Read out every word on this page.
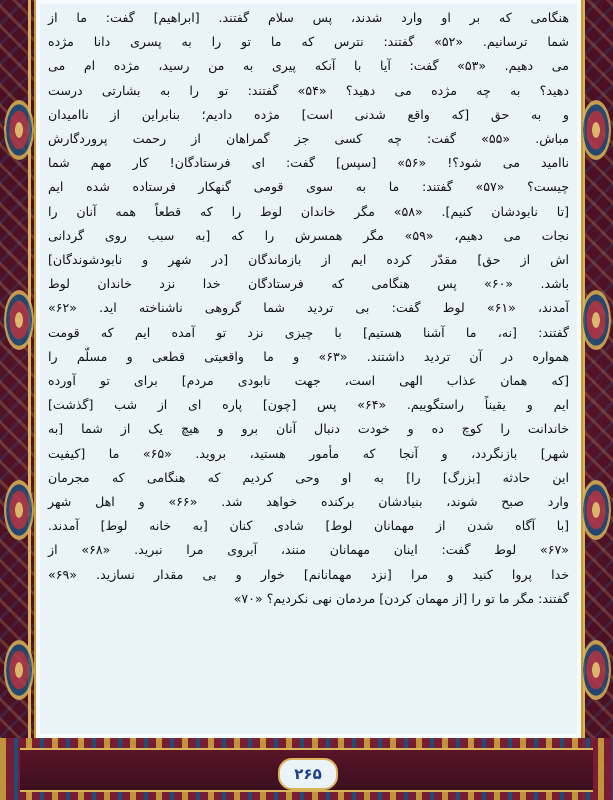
هنگامی که بر او وارد شدند، پس سلام گفتند. [ابراهیم] گفت: ما از

شما ترسانیم. «۵۲» گفتند: نترس که ما تو را به پسری دانا مژده

می دهیم. «۵۳» گفت: آیا با آنکه پیری به من رسید، مژده ام می

دهید؟ به چه مژده می دهید؟ «۵۴» گفتند: تو را به بشارتی درست

و به حق [که واقع شدنی است] مژده دادیم؛ بنابراین از ناامیدان

مباش. «۵۵» گفت: چه کسی جز گمراهان از رحمت پروردگارش

ناامید می شود؟! «۵۶» [سپس] گفت: ای فرستادگان! کار مهم شما

چیست؟ «۵۷» گفتند: ما به سوی قومی گنهکار فرستاده شده ایم

[تا نابودشان کنیم]. «۵۸» مگر خاندان لوط را که قطعاً همه آنان را

نجات می دهیم، «۵۹» مگر همسرش را که [به سبب روی گردانی

اش از حق] مقدّر کرده ایم از بازماندگان [در شهر و نابودشوندگان]

باشد. «۶۰» پس هنگامی که فرستادگان خدا نزد خاندان لوط

آمدند، «۶۱» لوط گفت: بی تردید شما گروهی ناشناخته اید. «۶۲»

گفتند: [نه، ما آشنا هستیم] با چیزی نزد تو آمده ایم که قومت

همواره در آن تردید داشتند. «۶۳» و ما واقعیتی قطعی و مسلّم را

[که همان عذاب الهی است، جهت نابودی مردم] برای تو آورده

ایم و یقیناً راستگوییم. «۶۴» پس [چون] پاره ای از شب [گذشت]

خاندانت را کوچ ده و خودت دنبال آنان برو و هیچ یک از شما [به

شهر] بازنگردد، و آنجا که مأمور هستید، بروید. «۶۵» ما [کیفیت

این حادثه [بزرگ] را] به او وحی کردیم که هنگامی که مجرمان

وارد صبح شوند، بنیادشان برکنده خواهد شد. «۶۶» و اهل شهر

[با آگاه شدن از مهمانان لوط] شادی کنان [به خانه لوط] آمدند.

«۶۷» لوط گفت: اینان مهمانان منند، آبروی مرا نبرید. «۶۸» از

خدا پروا کنید و مرا [نزد مهمانانم] خوار و بی مقدار نسازید. «۶۹»

گفتند: مگر ما تو را [از مهمان کردن] مردمان نهی نکردیم؟ «۷۰»

۲۶۵
